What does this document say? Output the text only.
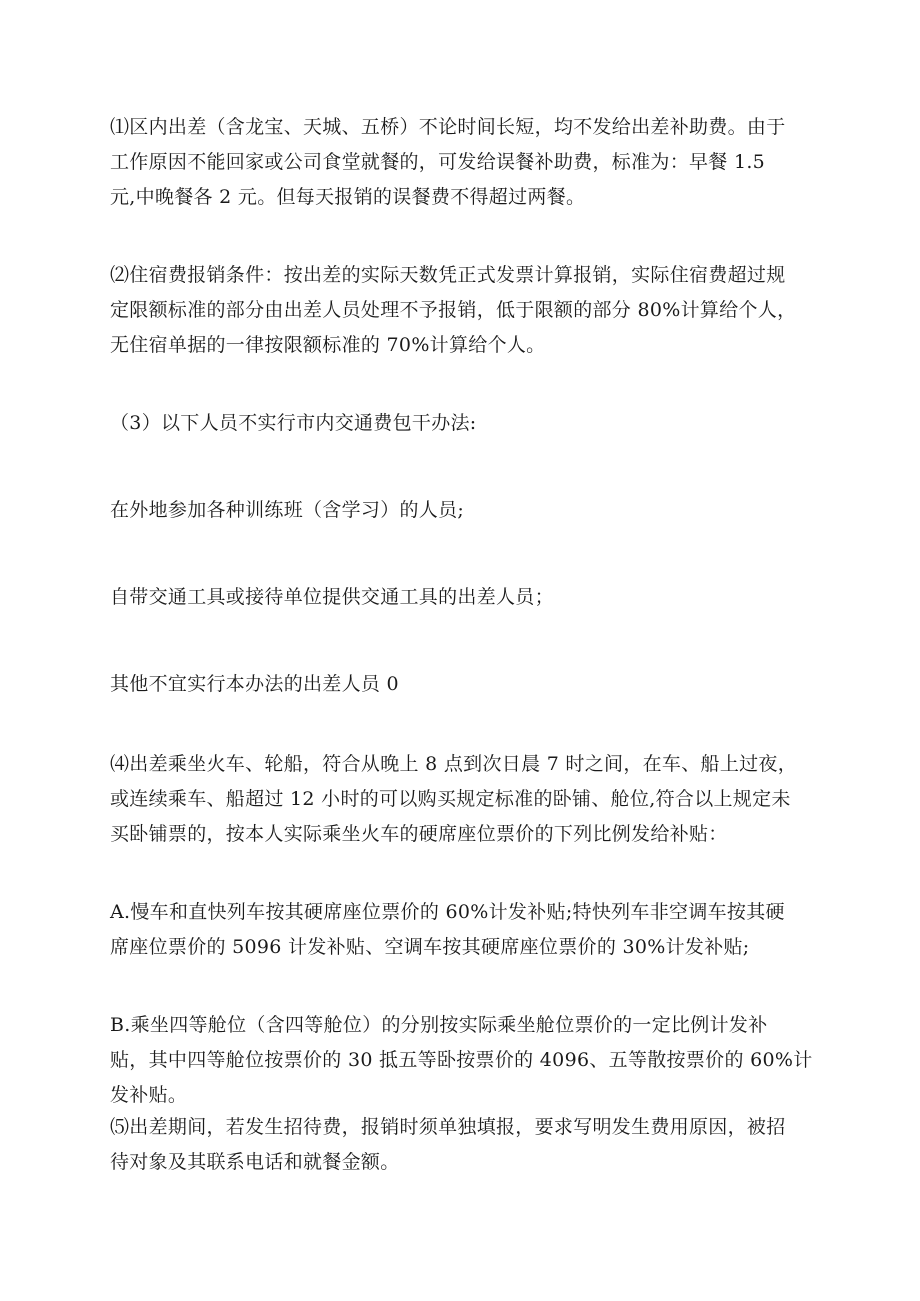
⑴区内出差（含龙宝、天城、五桥）不论时间长短，均不发给出差补助费。由于
工作原因不能回家或公司食堂就餐的，可发给误餐补助费，标准为：早餐 1.5
元,中晚餐各 2 元。但每天报销的误餐费不得超过两餐。

⑵住宿费报销条件：按出差的实际天数凭正式发票计算报销，实际住宿费超过规
定限额标准的部分由出差人员处理不予报销，低于限额的部分 80%计算给个人，
无住宿单据的一律按限额标准的 70%计算给个人。

（3）以下人员不实行市内交通费包干办法:

在外地参加各种训练班（含学习）的人员;

自带交通工具或接待单位提供交通工具的出差人员；

其他不宜实行本办法的出差人员 0

⑷出差乘坐火车、轮船，符合从晚上 8 点到次日晨 7 时之间，在车、船上过夜，
或连续乘车、船超过 12 小时的可以购买规定标准的卧铺、舱位,符合以上规定未
买卧铺票的，按本人实际乘坐火车的硬席座位票价的下列比例发给补贴：

A.慢车和直快列车按其硬席座位票价的 60%计发补贴;特快列车非空调车按其硬
席座位票价的 5096 计发补贴、空调车按其硬席座位票价的 30%计发补贴;

B.乘坐四等舱位（含四等舱位）的分别按实际乘坐舱位票价的一定比例计发补
贴，其中四等舱位按票价的 30 抵五等卧按票价的 4096、五等散按票价的 60%计
发补贴。

⑸出差期间，若发生招待费，报销时须单独填报，要求写明发生费用原因，被招
待对象及其联系电话和就餐金额。
